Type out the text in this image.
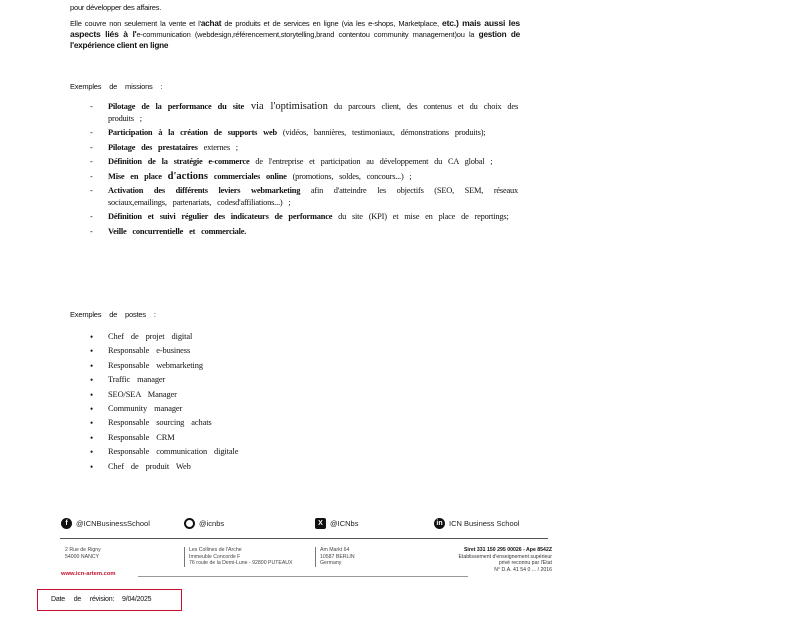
pour développer des affaires.

Elle couvre non seulement la vente et l'achat de produits et de services en ligne (via les e-shops, Marketplace, etc.) mais aussi les aspects liés à l'e-communication (webdesign,référencement,storytelling,brand contentou community management)ou la gestion de l'expérience client en ligne

Exemples de missions :
- Pilotage de la performance du site via l'optimisation du parcours client, des contenus et du choix des produits ;
- Participation à la création de supports web (vidéos, bannières, testimoniaux, démonstrations produits);
- Pilotage des prestataires externes ;
- Définition de la stratégie e-commerce de l'entreprise et participation au développement du CA global ;
- Mise en place d'actions commerciales online (promotions, soldes, concours...) ;
- Activation des différents leviers webmarketing afin d'atteindre les objectifs (SEO, SEM, réseaux sociaux,emailings, partenariats, codesd'affiliations...) ;
- Définition et suivi régulier des indicateurs de performance du site (KPI) et mise en place de reportings;
- Veille concurrentielle et commerciale.
Exemples de postes :
• Chef de projet digital
• Responsable e-business
• Responsable webmarketing
• Traffic manager
• SEO/SEA Manager
• Community manager
• Responsable sourcing achats
• Responsable CRM
• Responsable communication digitale
• Chef de produit Web
f	@ICNBusinessSchool	@icnbs	X @ICNbs	in ICN Business School
2 Rue de Rigny
54000 NANCY
Les Collines de l'Arche
Immeuble Concorde F
76 route de la Demi-Lune - 92800 PUTEAUX
Am Markt 64
10587 BERLIN
Germany
Siret 331 150 295 00026 - Ape 8542Z
Etablissement d'enseignement supérieur
privé reconnu par l'Etat
N° D.A. 41 54 0 ... / 2016
www.icn-artem.com
Date de révision: 9/04/2025
